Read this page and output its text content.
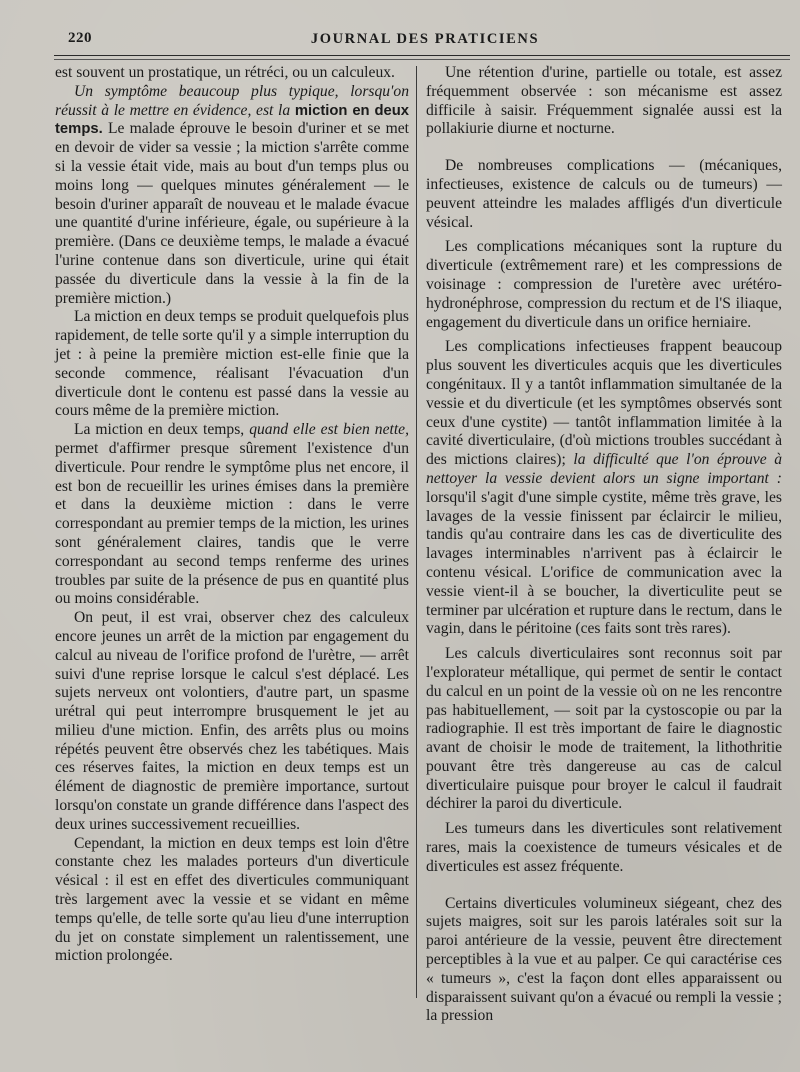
220	JOURNAL DES PRATICIENS

est souvent un prostatique, un rétréci, ou un calculeux.

Un symptôme beaucoup plus typique, lorsqu'on réussit à le mettre en évidence, est la miction en deux temps. Le malade éprouve le besoin d'uriner et se met en devoir de vider sa vessie ; la miction s'arrête comme si la vessie était vide, mais au bout d'un temps plus ou moins long — quelques minutes généralement — le besoin d'uriner apparaît de nouveau et le malade évacue une quantité d'urine inférieure, égale, ou supérieure à la première. (Dans ce deuxième temps, le malade a évacué l'urine contenue dans son diverticule, urine qui était passée du diverticule dans la vessie à la fin de la première miction.)

La miction en deux temps se produit quelquefois plus rapidement, de telle sorte qu'il y a simple interruption du jet : à peine la première miction est-elle finie que la seconde commence, réalisant l'évacuation d'un diverticule dont le contenu est passé dans la vessie au cours même de la première miction.

La miction en deux temps, quand elle est bien nette, permet d'affirmer presque sûrement l'existence d'un diverticule. Pour rendre le symptôme plus net encore, il est bon de recueillir les urines émises dans la première et dans la deuxième miction : dans le verre correspondant au premier temps de la miction, les urines sont généralement claires, tandis que le verre correspondant au second temps renferme des urines troubles par suite de la présence de pus en quantité plus ou moins considérable.

On peut, il est vrai, observer chez des calculeux encore jeunes un arrêt de la miction par engagement du calcul au niveau de l'orifice profond de l'urètre, — arrêt suivi d'une reprise lorsque le calcul s'est déplacé. Les sujets nerveux ont volontiers, d'autre part, un spasme urétral qui peut interrompre brusquement le jet au milieu d'une miction. Enfin, des arrêts plus ou moins répétés peuvent être observés chez les tabétiques. Mais ces réserves faites, la miction en deux temps est un élément de diagnostic de première importance, surtout lorsqu'on constate un grande différence dans l'aspect des deux urines successivement recueillies.

Cependant, la miction en deux temps est loin d'être constante chez les malades porteurs d'un diverticule vésical : il est en effet des diverticules communiquant très largement avec la vessie et se vidant en même temps qu'elle, de telle sorte qu'au lieu d'une interruption du jet on constate simplement un ralentissement, une miction prolongée.

Une rétention d'urine, partielle ou totale, est assez fréquemment observée : son mécanisme est assez difficile à saisir. Fréquemment signalée aussi est la pollakiurie diurne et nocturne.

De nombreuses complications — (mécaniques, infectieuses, existence de calculs ou de tumeurs) — peuvent atteindre les malades affligés d'un diverticule vésical.

Les complications mécaniques sont la rupture du diverticule (extrêmement rare) et les compressions de voisinage : compression de l'uretère avec urétéro-hydronéphrose, compression du rectum et de l'S iliaque, engagement du diverticule dans un orifice herniaire.

Les complications infectieuses frappent beaucoup plus souvent les diverticules acquis que les diverticules congénitaux. Il y a tantôt inflammation simultanée de la vessie et du diverticule (et les symptômes observés sont ceux d'une cystite) — tantôt inflammation limitée à la cavité diverticulaire, (d'où mictions troubles succédant à des mictions claires); la difficulté que l'on éprouve à nettoyer la vessie devient alors un signe important : lorsqu'il s'agit d'une simple cystite, même très grave, les lavages de la vessie finissent par éclaircir le milieu, tandis qu'au contraire dans les cas de diverticulite des lavages interminables n'arrivent pas à éclaircir le contenu vésical. L'orifice de communication avec la vessie vient-il à se boucher, la diverticulite peut se terminer par ulcération et rupture dans le rectum, dans le vagin, dans le péritoine (ces faits sont très rares).

Les calculs diverticulaires sont reconnus soit par l'explorateur métallique, qui permet de sentir le contact du calcul en un point de la vessie où on ne les rencontre pas habituellement, — soit par la cystoscopie ou par la radiographie. Il est très important de faire le diagnostic avant de choisir le mode de traitement, la lithothritie pouvant être très dangereuse au cas de calcul diverticulaire puisque pour broyer le calcul il faudrait déchirer la paroi du diverticule.

Les tumeurs dans les diverticules sont relativement rares, mais la coexistence de tumeurs vésicales et de diverticules est assez fréquente.

Certains diverticules volumineux siégeant, chez des sujets maigres, soit sur les parois latérales soit sur la paroi antérieure de la vessie, peuvent être directement perceptibles à la vue et au palper. Ce qui caractérise ces « tumeurs », c'est la façon dont elles apparaissent ou disparaissent suivant qu'on a évacué ou rempli la vessie ; la pression
